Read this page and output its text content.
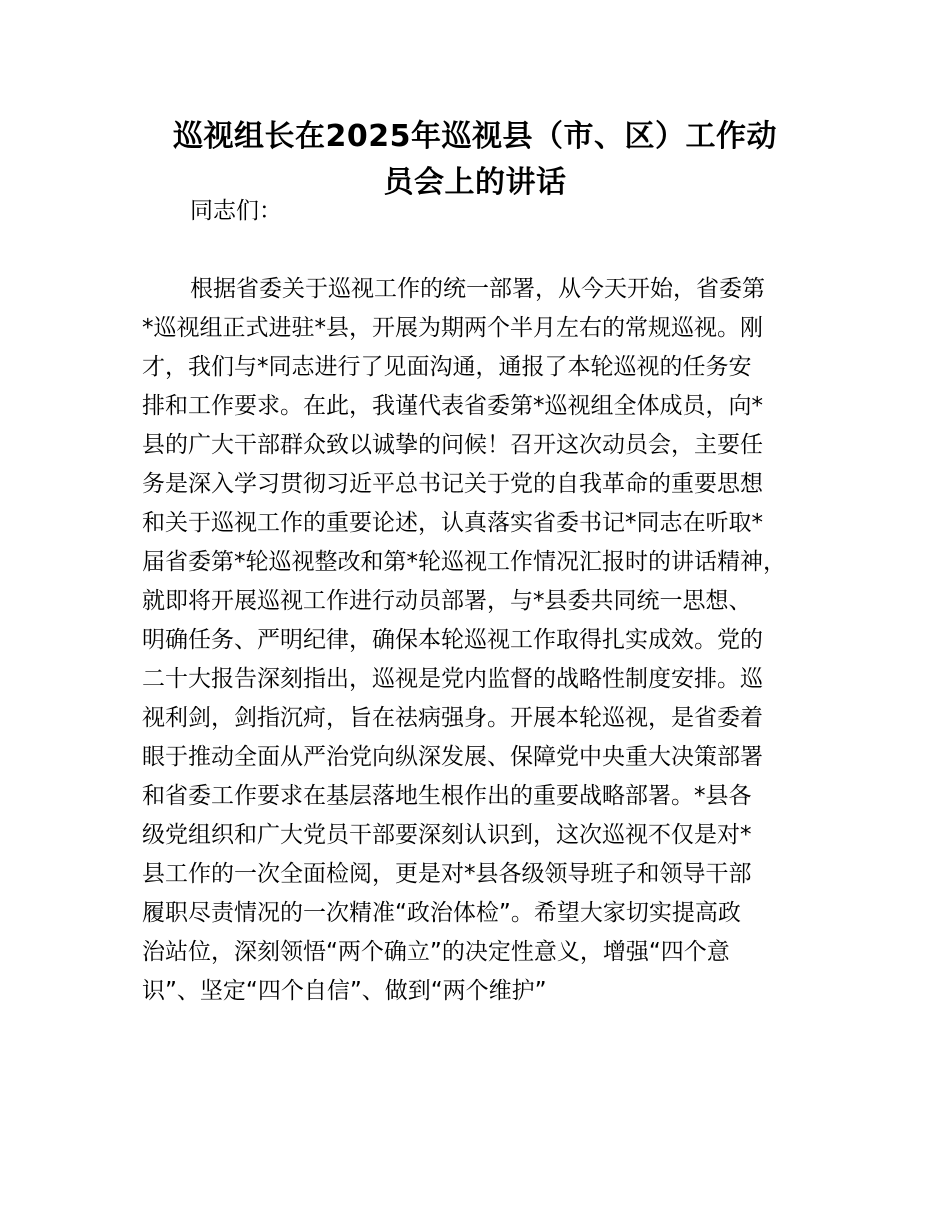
巡视组长在2025年巡视县（市、区）工作动
员会上的讲话
同志们：
根据省委关于巡视工作的统一部署，从今天开始，省委第
*巡视组正式进驻*县，开展为期两个半月左右的常规巡视。刚
才，我们与*同志进行了见面沟通，通报了本轮巡视的任务安
排和工作要求。在此，我谨代表省委第*巡视组全体成员，向*
县的广大干部群众致以诚挚的问候！召开这次动员会，主要任
务是深入学习贯彻习近平总书记关于党的自我革命的重要思想
和关于巡视工作的重要论述，认真落实省委书记*同志在听取*
届省委第*轮巡视整改和第*轮巡视工作情况汇报时的讲话精神，
就即将开展巡视工作进行动员部署，与*县委共同统一思想、
明确任务、严明纪律，确保本轮巡视工作取得扎实成效。党的
二十大报告深刻指出，巡视是党内监督的战略性制度安排。巡
视利剑，剑指沉疴，旨在祛病强身。开展本轮巡视，是省委着
眼于推动全面从严治党向纵深发展、保障党中央重大决策部署
和省委工作要求在基层落地生根作出的重要战略部署。*县各
级党组织和广大党员干部要深刻认识到，这次巡视不仅是对*
县工作的一次全面检阅，更是对*县各级领导班子和领导干部
履职尽责情况的一次精准“政治体检”。希望大家切实提高政
治站位，深刻领悟“两个确立”的决定性意义，增强“四个意
识”、坚定“四个自信”、做到“两个维护”
